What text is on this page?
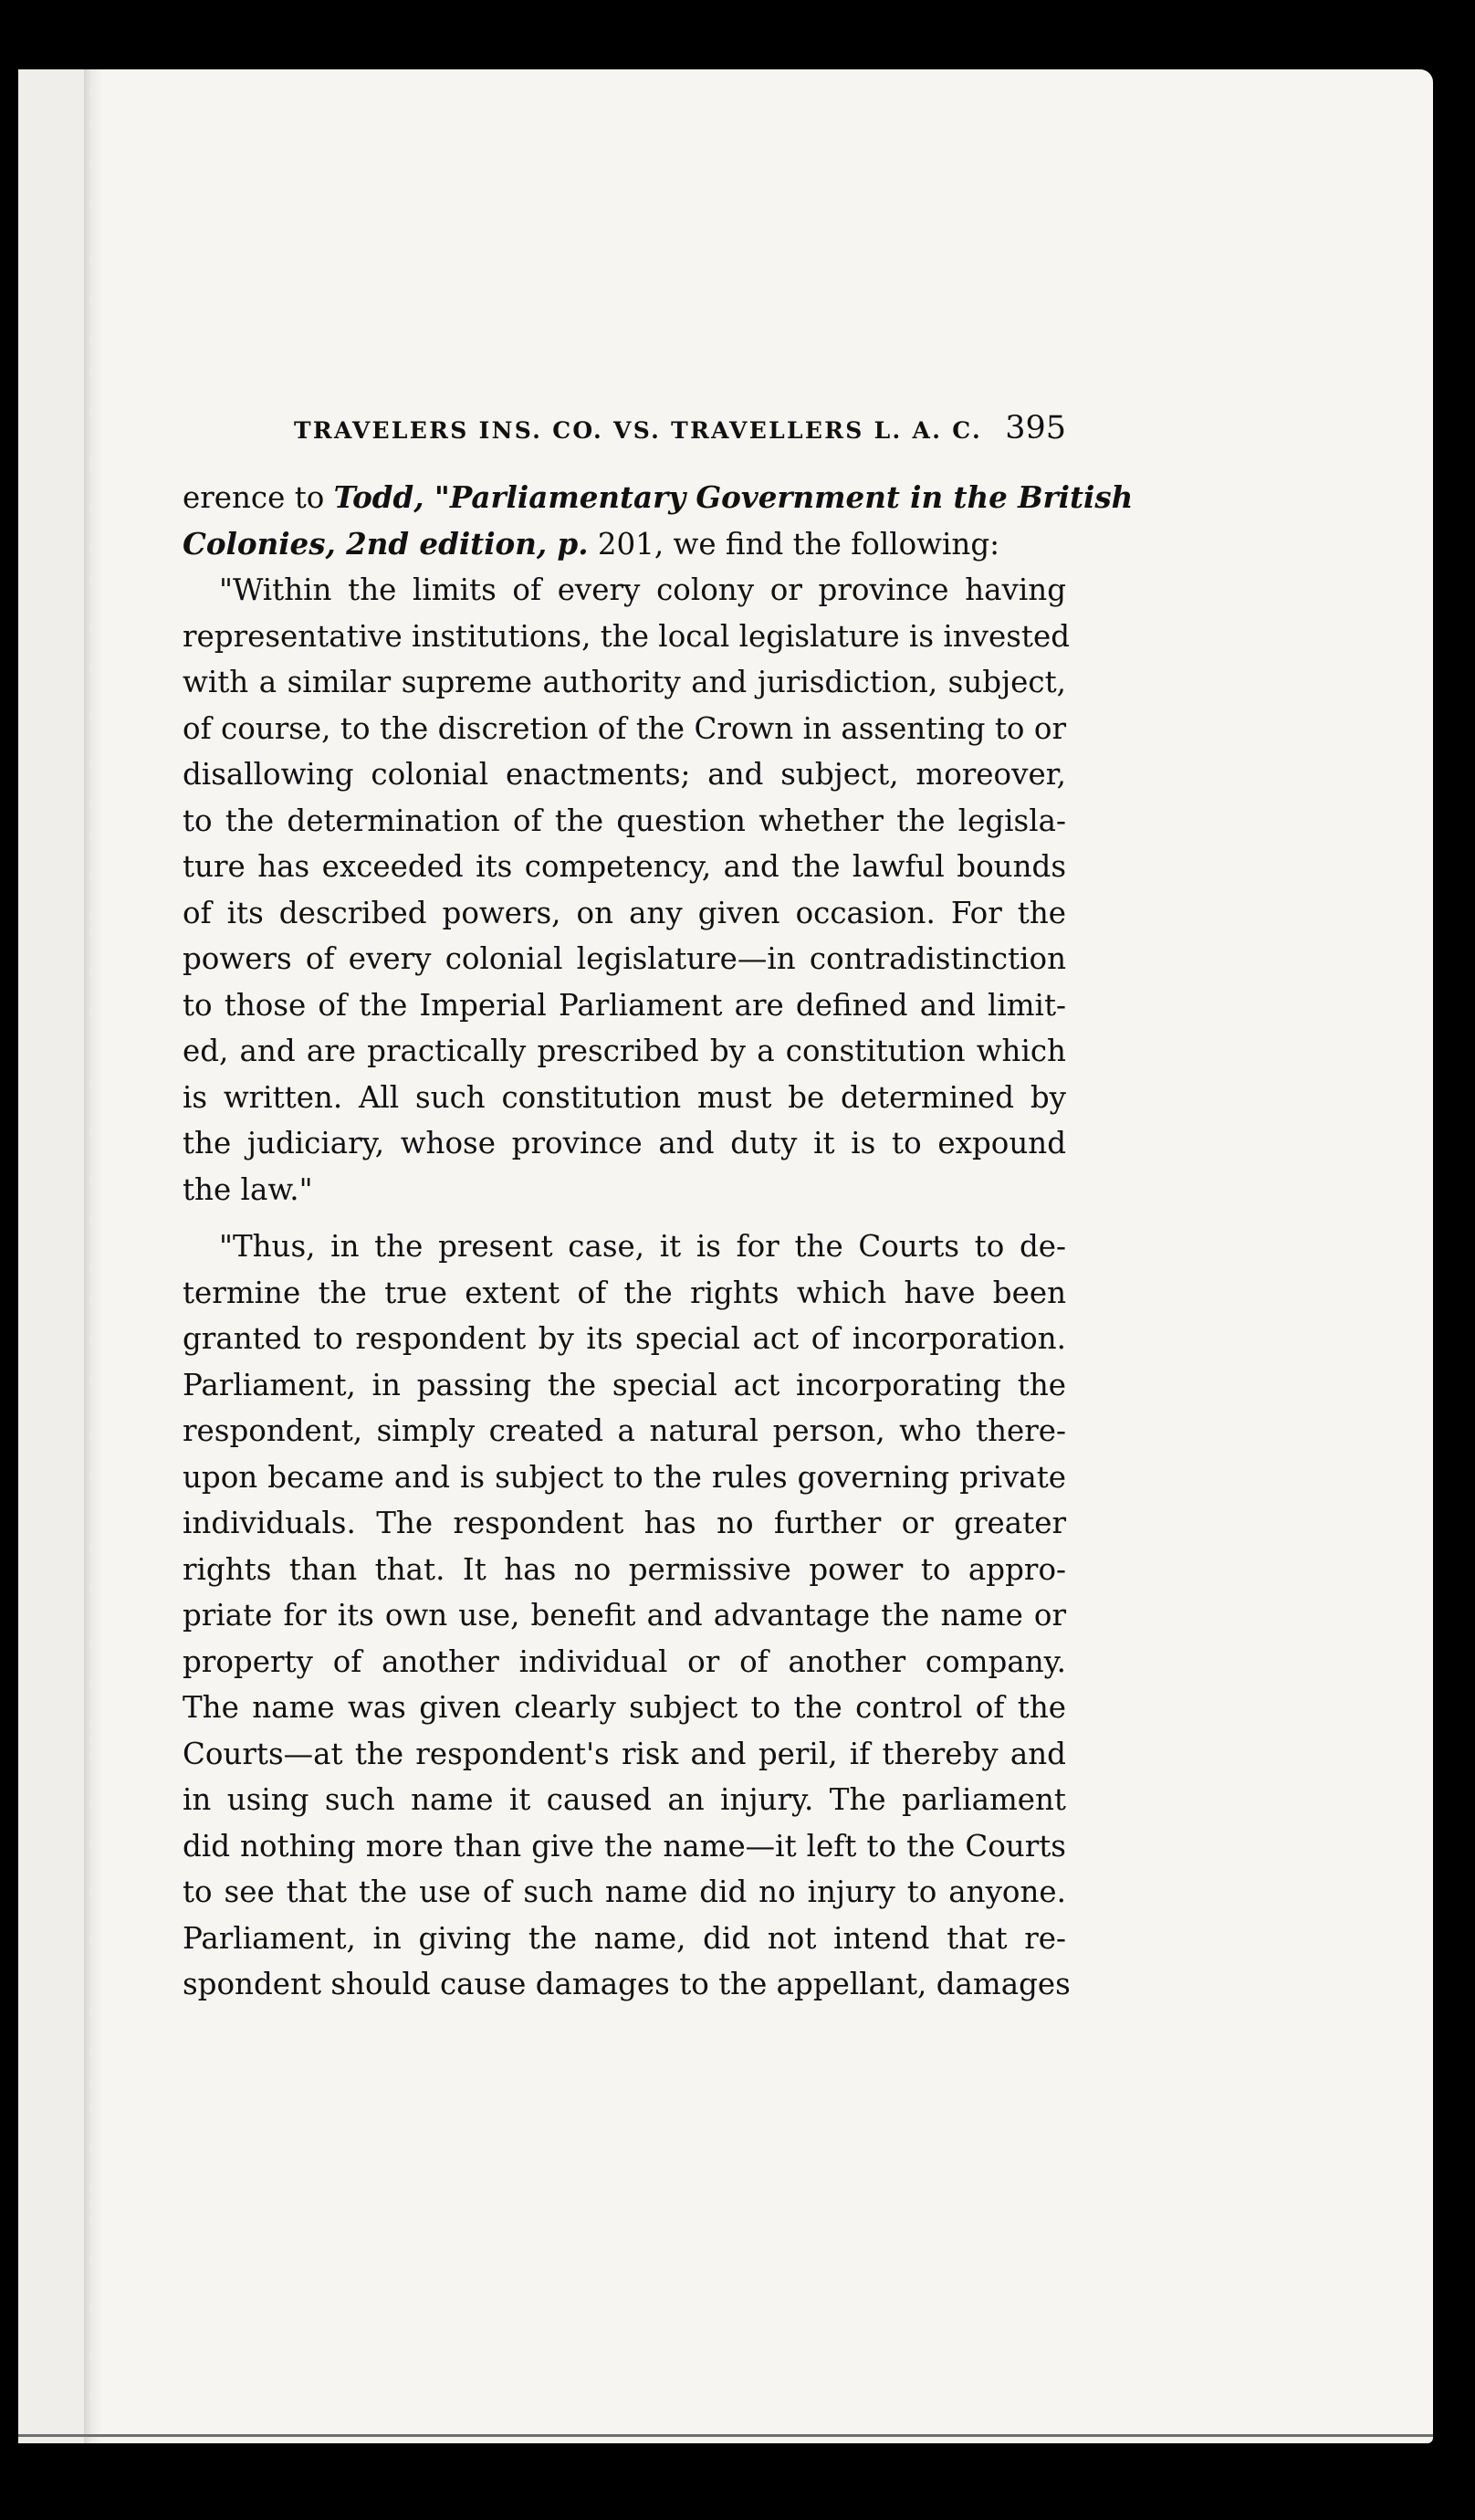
TRAVELERS INS. CO. VS. TRAVELLERS L. A. C. 395
erence to Todd, "Parliamentary Government in the British
Colonies, 2nd edition, p. 201, we find the following:
"Within the limits of every colony or province having
representative institutions, the local legislature is invested
with a similar supreme authority and jurisdiction, subject,
of course, to the discretion of the Crown in assenting to or
disallowing colonial enactments; and subject, moreover,
to the determination of the question whether the legisla-
ture has exceeded its competency, and the lawful bounds
of its described powers, on any given occasion. For the
powers of every colonial legislature—in contradistinction
to those of the Imperial Parliament are defined and limit-
ed, and are practically prescribed by a constitution which
is written. All such constitution must be determined by
the judiciary, whose province and duty it is to expound
the law."
"Thus, in the present case, it is for the Courts to de-
termine the true extent of the rights which have been
granted to respondent by its special act of incorporation.
Parliament, in passing the special act incorporating the
respondent, simply created a natural person, who there-
upon became and is subject to the rules governing private
individuals. The respondent has no further or greater
rights than that. It has no permissive power to appro-
priate for its own use, benefit and advantage the name or
property of another individual or of another company.
The name was given clearly subject to the control of the
Courts—at the respondent's risk and peril, if thereby and
in using such name it caused an injury. The parliament
did nothing more than give the name—it left to the Courts
to see that the use of such name did no injury to anyone.
Parliament, in giving the name, did not intend that re-
spondent should cause damages to the appellant, damages
